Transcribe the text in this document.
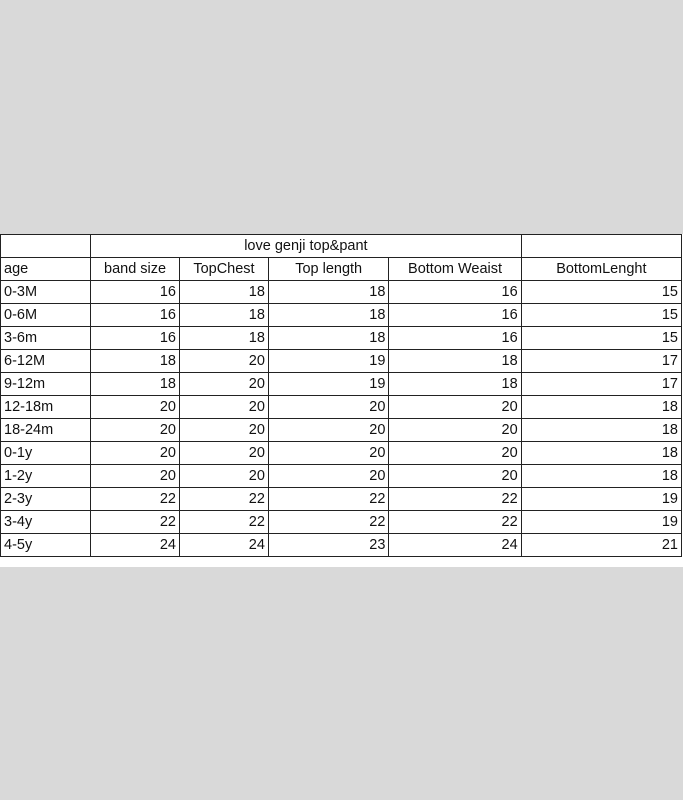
	love genji top&pant				
age	band size	TopChest	Top length	Bottom Weaist	BottomLenght
0-3M	16	18	18	16	15
0-6M	16	18	18	16	15
3-6m	16	18	18	16	15
6-12M	18	20	19	18	17
9-12m	18	20	19	18	17
12-18m	20	20	20	20	18
18-24m	20	20	20	20	18
0-1y	20	20	20	20	18
1-2y	20	20	20	20	18
2-3y	22	22	22	22	19
3-4y	22	22	22	22	19
4-5y	24	24	23	24	21
